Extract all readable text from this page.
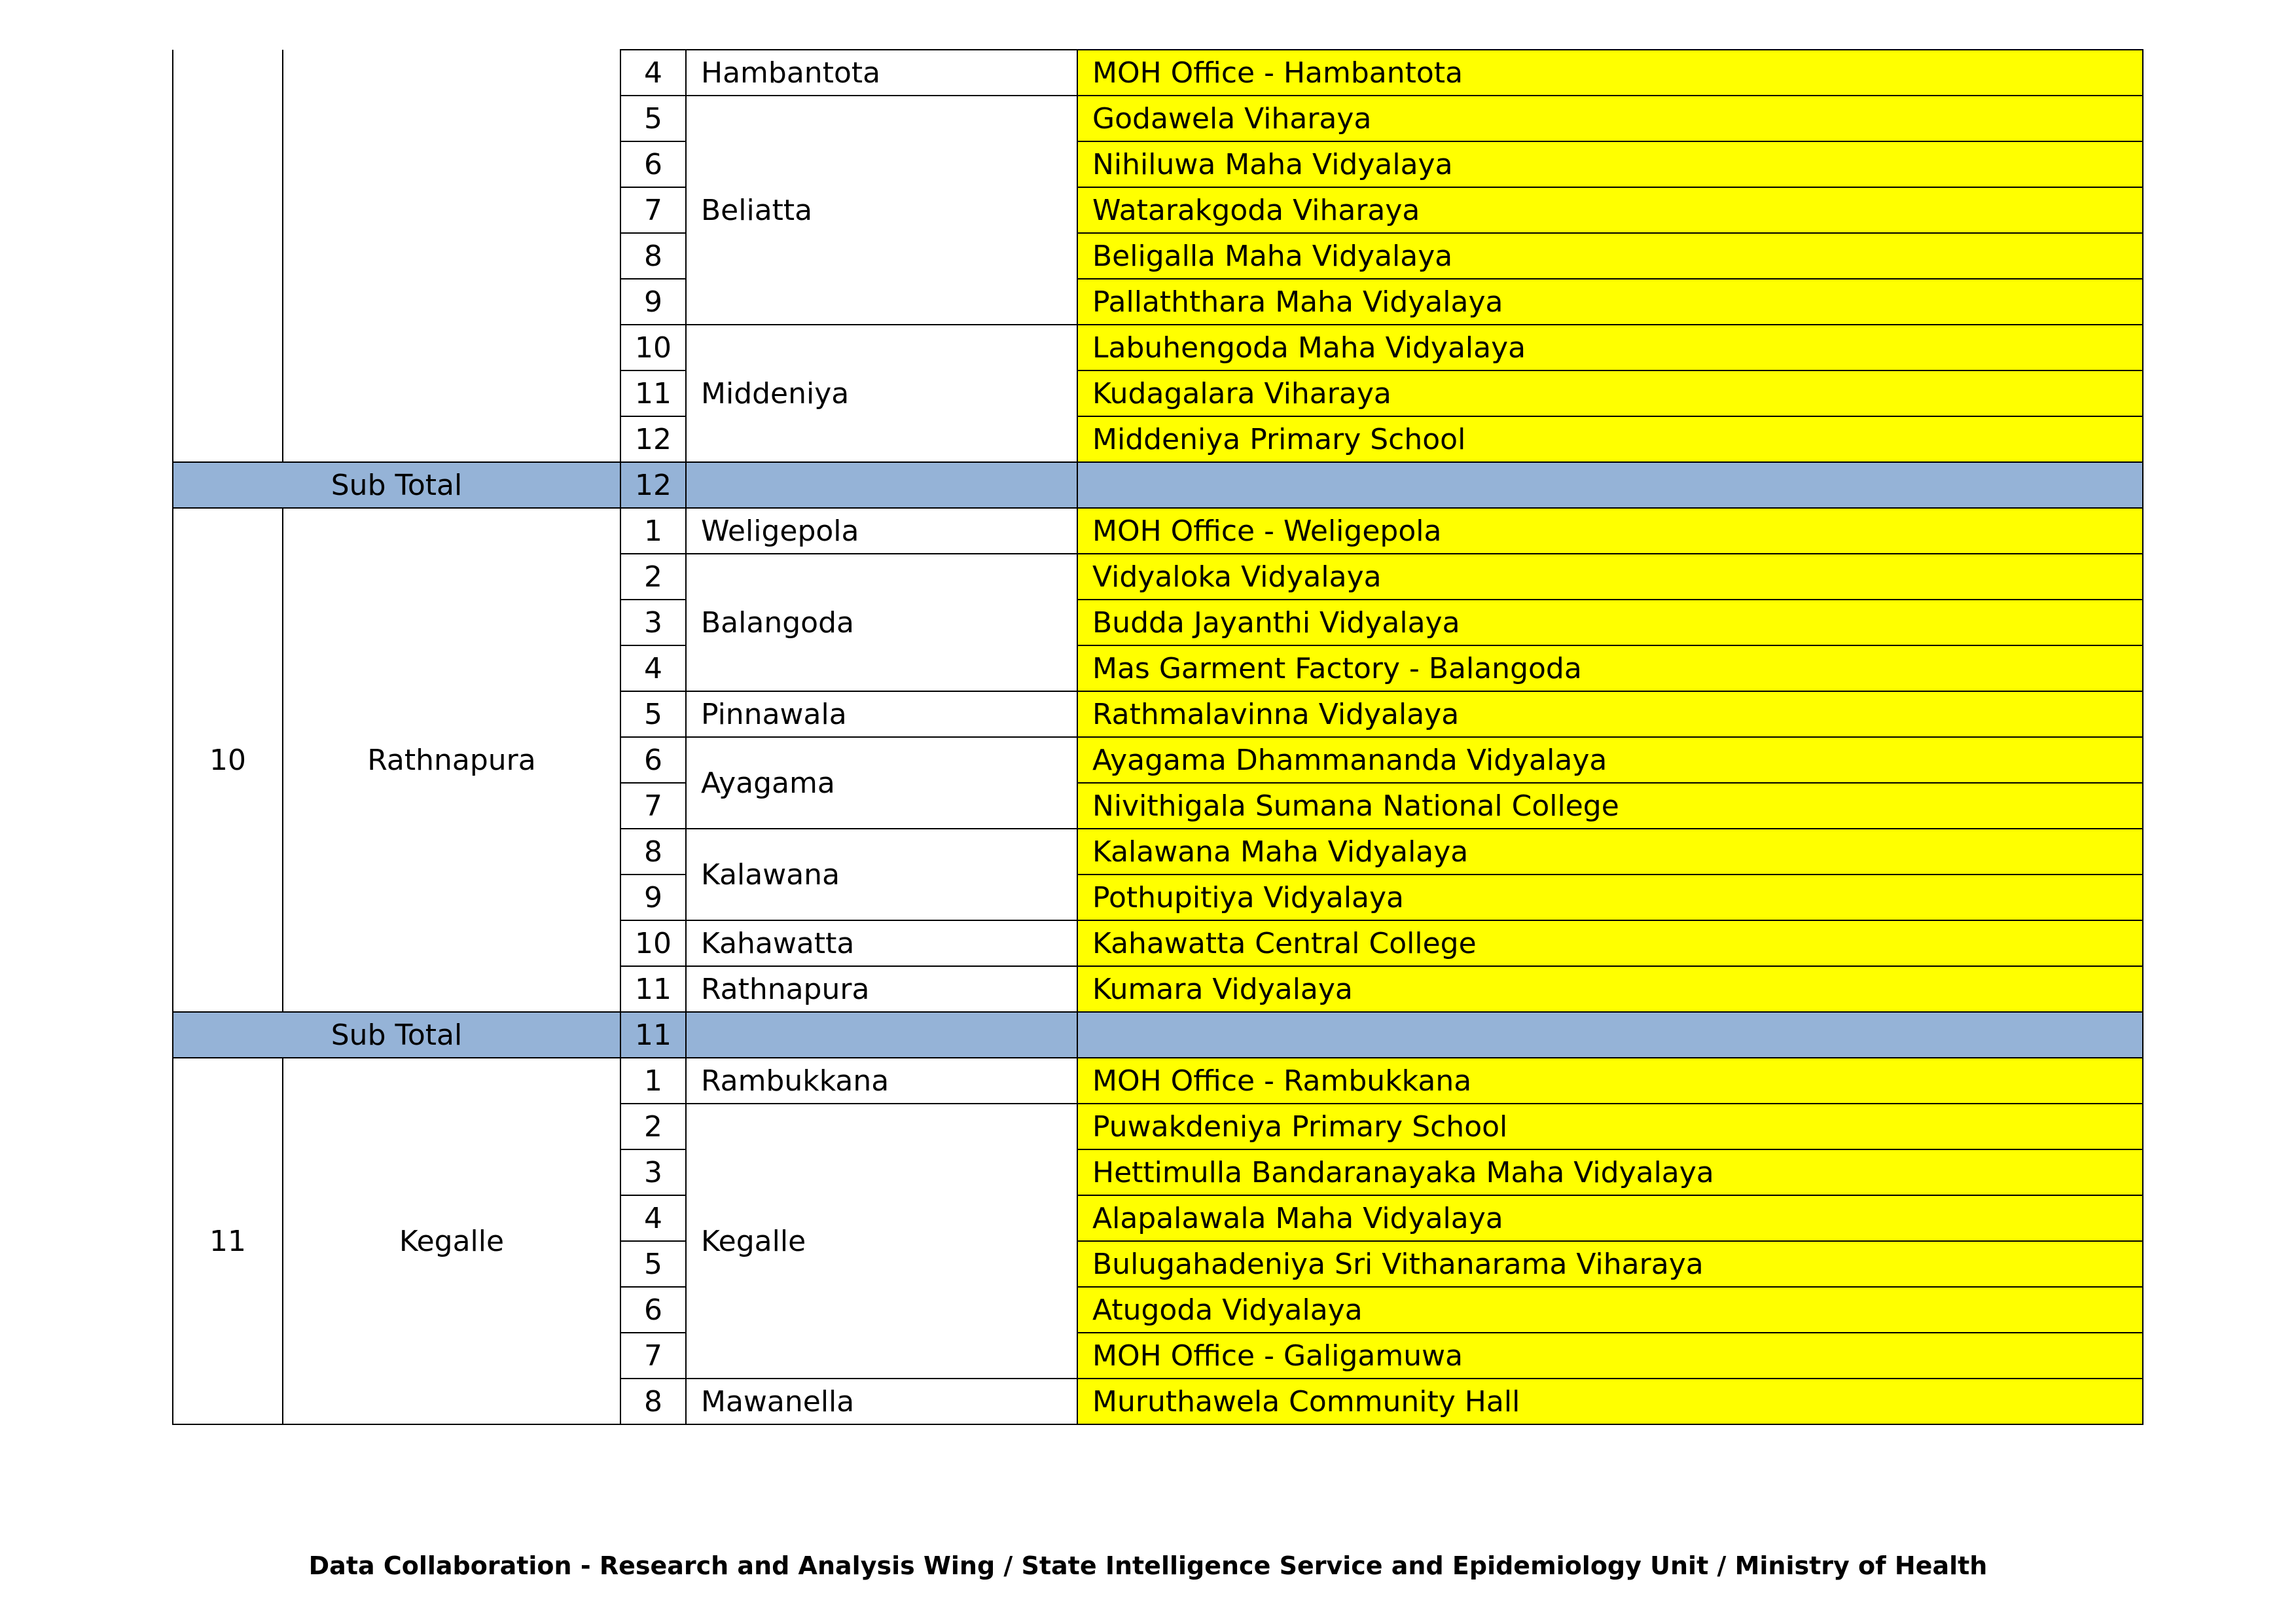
		4	Hambantota	MOH Office - Hambantota
		5	Beliatta	Godawela Viharaya
		6		Nihiluwa Maha Vidyalaya
		7		Watarakgoda Viharaya
		8		Beligalla Maha Vidyalaya
		9		Pallaththara Maha Vidyalaya
		10	Middeniya	Labuhengoda Maha Vidyalaya
		11		Kudagalara Viharaya
		12		Middeniya Primary School
Sub Total		12		
10	Rathnapura	1	Weligepola	MOH Office - Weligepola
		2	Balangoda	Vidyaloka Vidyalaya
		3		Budda Jayanthi Vidyalaya
		4		Mas Garment Factory - Balangoda
		5	Pinnawala	Rathmalavinna Vidyalaya
		6	Ayagama	Ayagama Dhammananda Vidyalaya
		7		Nivithigala Sumana National College
		8	Kalawana	Kalawana Maha Vidyalaya
		9		Pothupitiya Vidyalaya
		10	Kahawatta	Kahawatta Central College
		11	Rathnapura	Kumara Vidyalaya
Sub Total		11		
11	Kegalle	1	Rambukkana	MOH Office - Rambukkana
		2	Kegalle	Puwakdeniya Primary School
		3		Hettimulla Bandaranayaka Maha Vidyalaya
		4		Alapalawala Maha Vidyalaya
		5		Bulugahadeniya Sri Vithanarama Viharaya
		6		Atugoda Vidyalaya
		7		MOH Office - Galigamuwa
		8	Mawanella	Muruthawela Community Hall
Data Collaboration - Research and Analysis Wing / State Intelligence Service and Epidemiology Unit / Ministry of Health
